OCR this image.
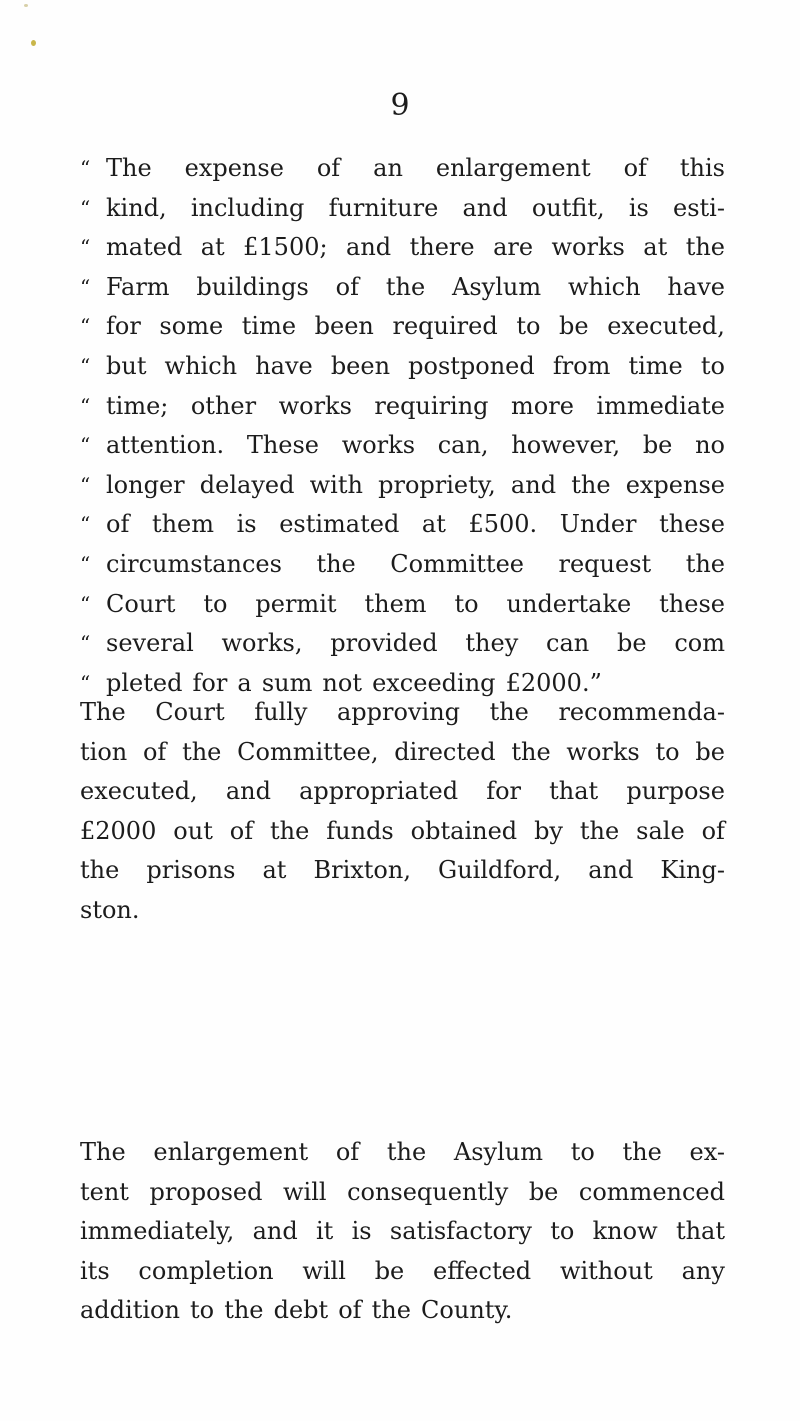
9
“ The expense of an enlargement of this
“ kind, including furniture and outfit, is esti-
“ mated at £1500; and there are works at the
“ Farm buildings of the Asylum which have
“ for some time been required to be executed,
“ but which have been postponed from time to
“ time; other works requiring more immediate
“ attention. These works can, however, be no
“ longer delayed with propriety, and the expense
“ of them is estimated at £500. Under these
“ circumstances the Committee request the
“ Court to permit them to undertake these
“ several works, provided they can be com
“ pleted for a sum not exceeding £2000.”
The Court fully approving the recommenda-
tion of the Committee, directed the works to be
executed, and appropriated for that purpose
£2000 out of the funds obtained by the sale of
the prisons at Brixton, Guildford, and King-
ston.
The enlargement of the Asylum to the ex-
tent proposed will consequently be commenced
immediately, and it is satisfactory to know that
its completion will be effected without any
addition to the debt of the County.
